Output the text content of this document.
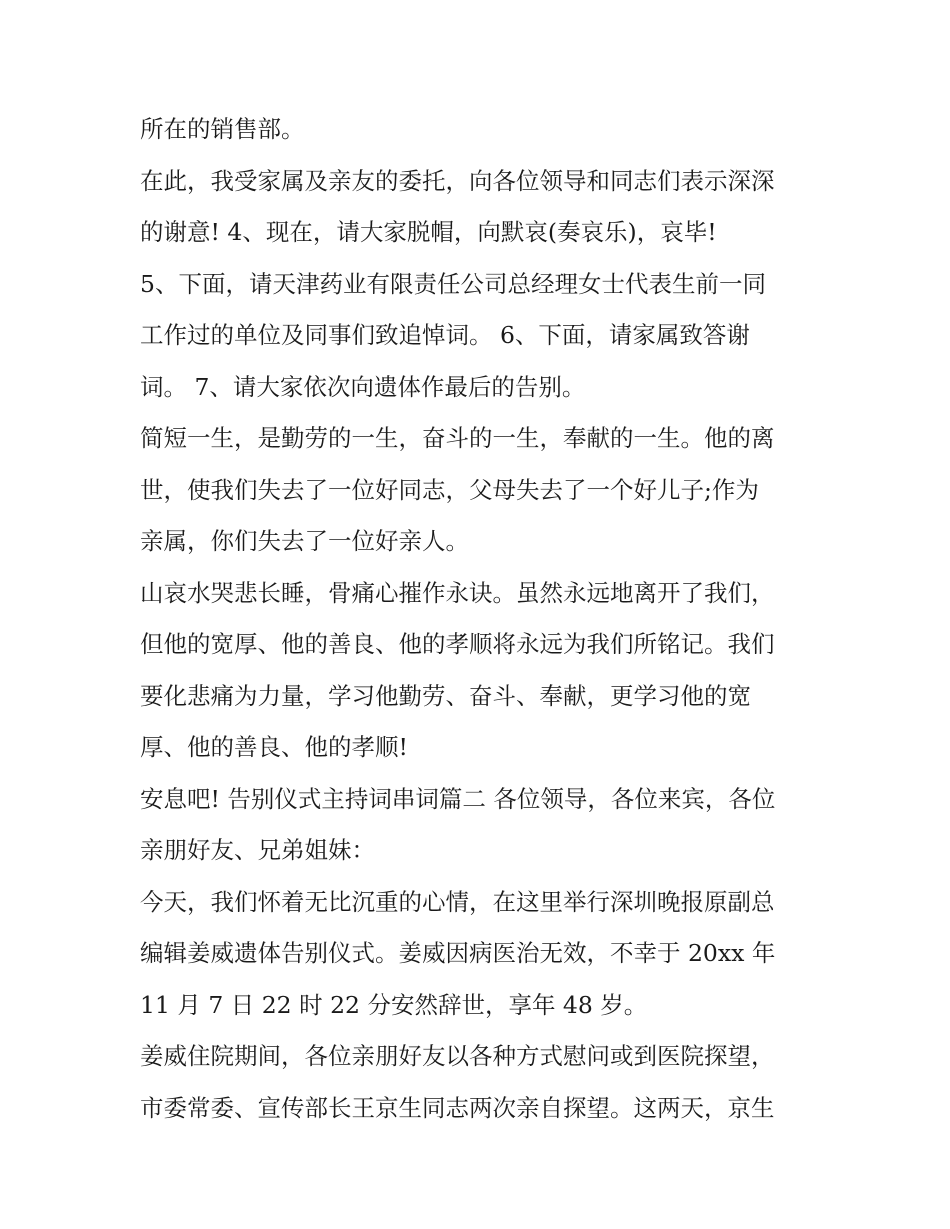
所在的销售部。
在此，我受家属及亲友的委托，向各位领导和同志们表示深深
的谢意! 4、现在，请大家脱帽，向默哀(奏哀乐)，哀毕!
5、下面，请天津药业有限责任公司总经理女士代表生前一同
工作过的单位及同事们致追悼词。 6、下面，请家属致答谢
词。 7、请大家依次向遗体作最后的告别。
简短一生，是勤劳的一生，奋斗的一生，奉献的一生。他的离
世，使我们失去了一位好同志，父母失去了一个好儿子;作为
亲属，你们失去了一位好亲人。
山哀水哭悲长睡，骨痛心摧作永诀。虽然永远地离开了我们，
但他的宽厚、他的善良、他的孝顺将永远为我们所铭记。我们
要化悲痛为力量，学习他勤劳、奋斗、奉献，更学习他的宽
厚、他的善良、他的孝顺!
安息吧! 告别仪式主持词串词篇二 各位领导，各位来宾，各位
亲朋好友、兄弟姐妹：
今天，我们怀着无比沉重的心情，在这里举行深圳晚报原副总
编辑姜威遗体告别仪式。姜威因病医治无效，不幸于 20xx 年
11 月 7 日 22 时 22 分安然辞世，享年 48 岁。
姜威住院期间，各位亲朋好友以各种方式慰问或到医院探望，
市委常委、宣传部长王京生同志两次亲自探望。这两天，京生
